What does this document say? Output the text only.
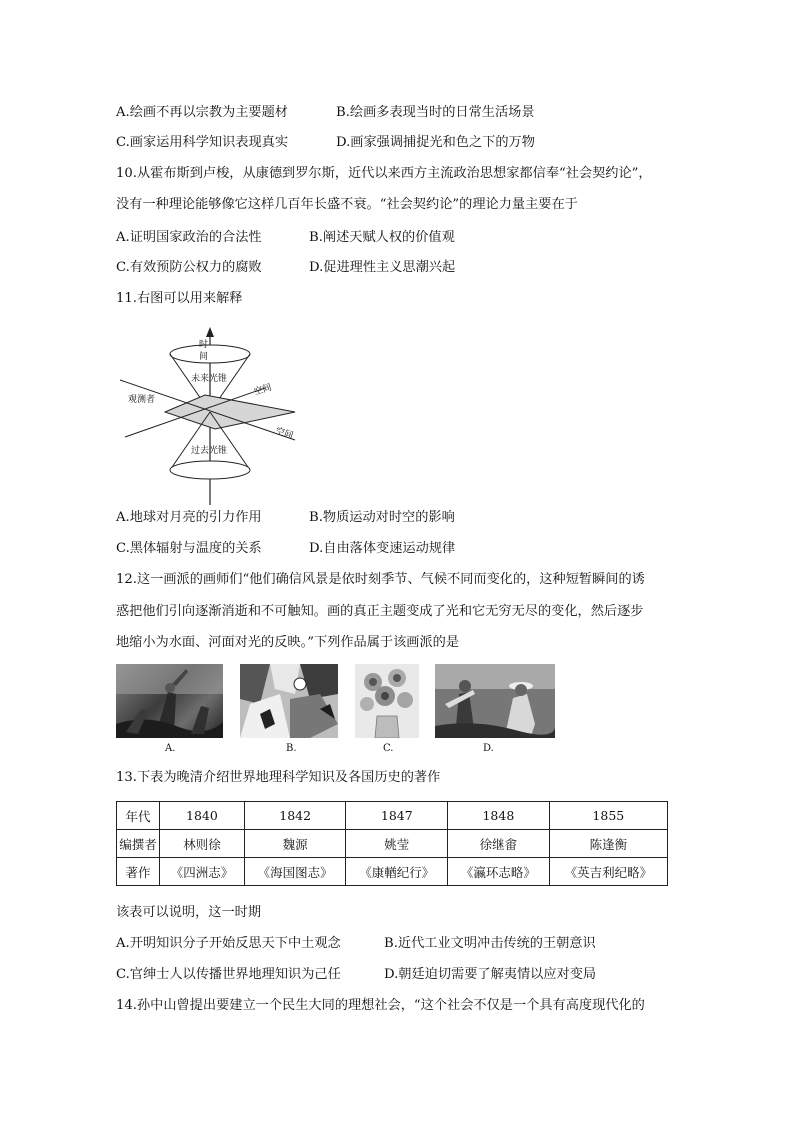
A.绘画不再以宗教为主要题材	B.绘画多表现当时的日常生活场景
C.画家运用科学知识表现真实	D.画家强调捕捉光和色之下的万物
10.从霍布斯到卢梭，从康德到罗尔斯，近代以来西方主流政治思想家都信奉“社会契约论”，
没有一种理论能够像它这样几百年长盛不衰。“社会契约论”的理论力量主要在于
A.证明国家政治的合法性	B.阐述天赋人权的价值观
C.有效预防公权力的腐败	D.促进理性主义思潮兴起
11.右图可以用来解释
时
间
未来光锥
过去光锥
观测者
空间
空间
A.地球对月亮的引力作用	B.物质运动对时空的影响
C.黑体辐射与温度的关系	D.自由落体变速运动规律
12.这一画派的画师们“他们确信风景是依时刻季节、气候不同而变化的，这种短暂瞬间的诱
惑把他们引向逐渐消逝和不可触知。画的真正主题变成了光和它无穷无尽的变化，然后逐步
地缩小为水面、河面对光的反映。”下列作品属于该画派的是
A.	B.	C.	D.
13.下表为晚清介绍世界地理科学知识及各国历史的著作
年代	1840	1842	1847	1848	1855
编撰者	林则徐	魏源	姚莹	徐继畬	陈逢衡
著作	《四洲志》	《海国图志》	《康輶纪行》	《瀛环志略》	《英吉利纪略》
该表可以说明，这一时期
A.开明知识分子开始反思天下中土观念	B.近代工业文明冲击传统的王朝意识
C.官绅士人以传播世界地理知识为己任	D.朝廷迫切需要了解夷情以应对变局
14.孙中山曾提出要建立一个民生大同的理想社会，“这个社会不仅是一个具有高度现代化的
